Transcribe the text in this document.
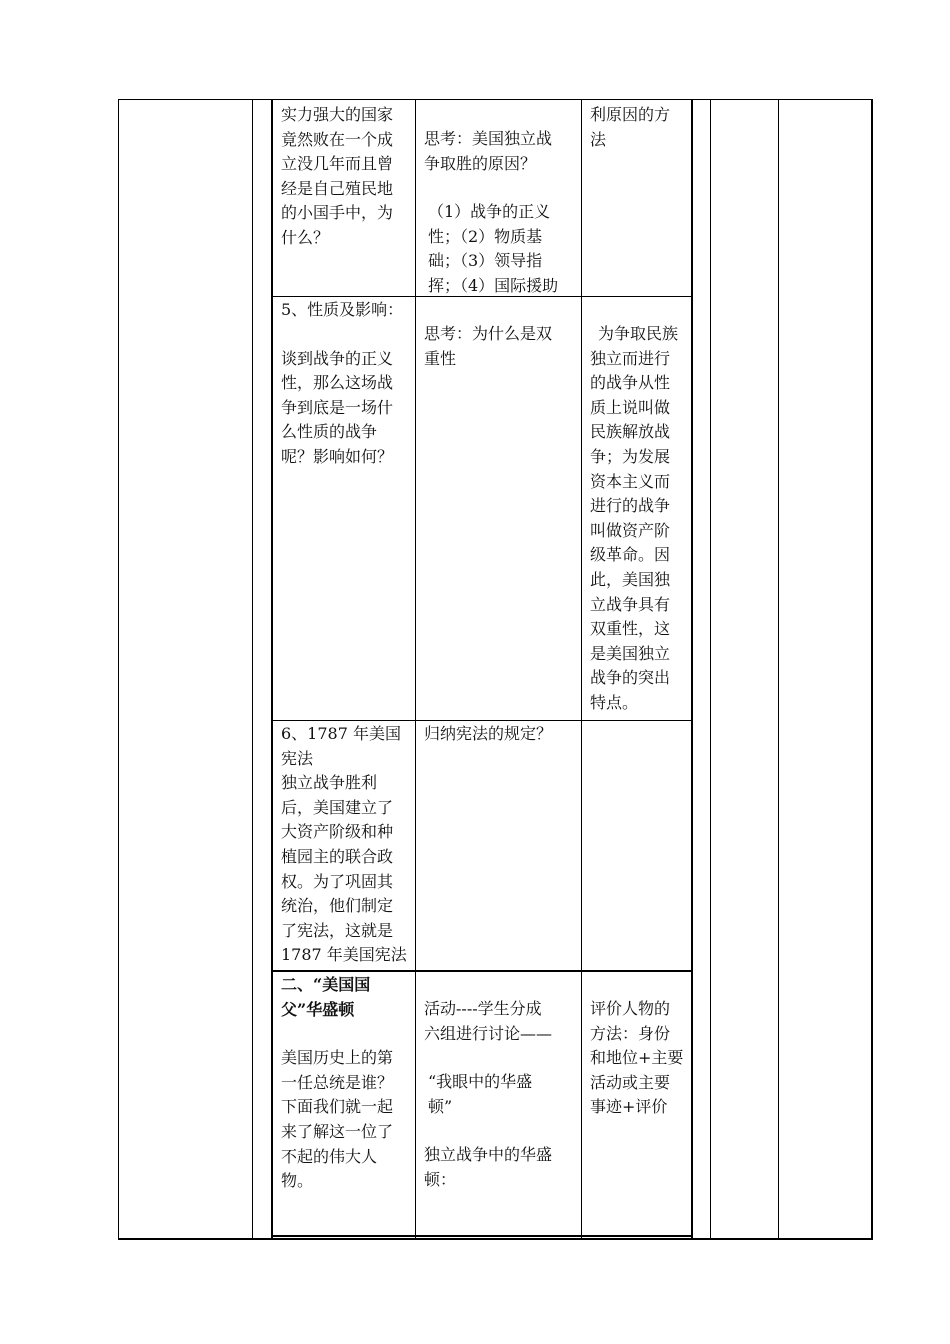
实力强大的国家
竟然败在一个成
立没几年而且曾
经是自己殖民地
的小国手中，为
什么？

思考：美国独立战
争取胜的原因？

（1）战争的正义
性；（2）物质基
础；（3）领导指
挥；（4）国际援助

利原因的方
法

5、性质及影响：

谈到战争的正义
性，那么这场战
争到底是一场什
么性质的战争
呢？影响如何？

思考：为什么是双
重性

为争取民族
独立而进行
的战争从性
质上说叫做
民族解放战
争；为发展
资本主义而
进行的战争
叫做资产阶
级革命。因
此，美国独
立战争具有
双重性，这
是美国独立
战争的突出
特点。

6、1787 年美国
宪法
独立战争胜利
后，美国建立了
大资产阶级和种
植园主的联合政
权。为了巩固其
统治，他们制定
了宪法，这就是
1787 年美国宪法

归纳宪法的规定？

二、“美国国
父”华盛顿

美国历史上的第
一任总统是谁？
下面我们就一起
来了解这一位了
不起的伟大人
物。

活动----学生分成
六组进行讨论——

“我眼中的华盛
顿”

独立战争中的华盛
顿：

评价人物的
方法：身份
和地位+主要
活动或主要
事迹+评价
